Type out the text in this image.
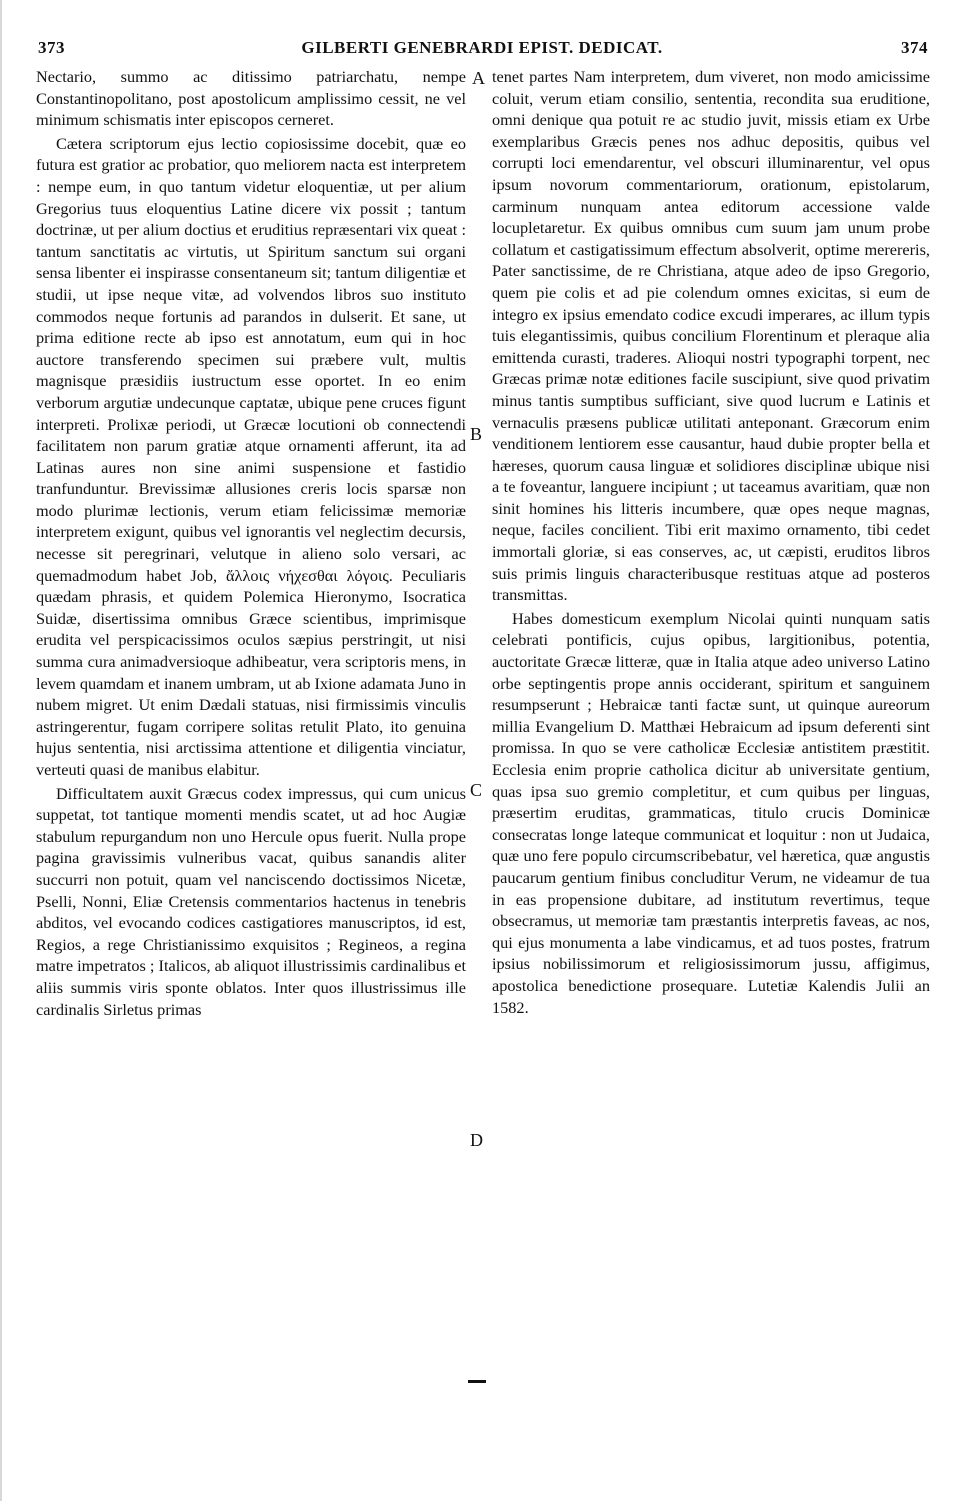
373	GILBERTI GENEBRARDI EPIST. DEDICAT.	374

Nectario, summo ac ditissimo patriarchatu, nempe Constantinopolitano, post apostolicum amplissimo cessit, ne vel minimum schismatis inter episcopos cerneret.

Cætera scriptorum ejus lectio copiosissime docebit, quæ eo futura est gratior ac probatior, quo meliorem nacta est interpretem : nempe eum, in quo tantum videtur eloquentiæ, ut per alium Gregorius tuus eloquentius Latine dicere vix possit ; tantum doctrinæ, ut per alium doctius et eruditius repræsentari vix queat : tantum sanctitatis ac virtutis, ut Spiritum sanctum sui organi sensa libenter ei inspirasse consentaneum sit; tantum diligentiæ et studii, ut ipse neque vitæ, ad volvendos libros suo instituto commodos neque fortunis ad parandos in dulserit. Et sane, ut prima editione recte ab ipso est annotatum, eum qui in hoc auctore transferendo specimen sui præbere vult, multis magnisque præsidiis iustructum esse oportet. In eo enim verborum argutiæ undecunque captatæ, ubique pene cruces figunt interpreti. Prolixæ periodi, ut Græcæ locutioni ob connectendi facilitatem non parum gratiæ atque ornamenti afferunt, ita ad Latinas aures non sine animi suspensione et fastidio tranfunduntur. Brevissimæ allusiones creris locis sparsæ non modo plurimæ lectionis, verum etiam felicissimæ memoriæ interpretem exigunt, quibus vel ignorantis vel neglectim decursis, necesse sit peregrinari, velutque in alieno solo versari, ac quemadmodum habet Job, ἄλλοις νήχεσθαι λόγοις. Peculiaris quædam phrasis, et quidem Polemica Hieronymo, Isocratica Suidæ, disertissima omnibus Græce scientibus, imprimisque erudita vel perspicacissimos oculos sæpius perstringit, ut nisi summa cura animadversioque adhibeatur, vera scriptoris mens, in levem quamdam et inanem umbram, ut ab Ixione adamata Juno in nubem migret. Ut enim Dædali statuas, nisi firmissimis vinculis astringerentur, fugam corripere solitas retulit Plato, ito genuina hujus sententia, nisi arctissima attentione et diligentia vinciatur, verteuti quasi de manibus elabitur.

Difficultatem auxit Græcus codex impressus, qui cum unicus suppetat, tot tantique momenti mendis scatet, ut ad hoc Augiæ stabulum repurgandum non uno Hercule opus fuerit. Nulla prope pagina gravissimis vulneribus vacat, quibus sanandis aliter succurri non potuit, quam vel nanciscendo doctissimos Nicetæ, Pselli, Nonni, Eliæ Cretensis commentarios hactenus in tenebris abditos, vel evocando codices castigatiores manuscriptos, id est, Regios, a rege Christianissimo exquisitos ; Regineos, a regina matre impetratos ; Italicos, ab aliquot illustrissimis cardinalibus et aliis summis viris sponte oblatos. Inter quos illustrissimus ille cardinalis Sirletus primas

A
B
C
D

tenet partes Nam interpretem, dum viveret, non modo amicissime coluit, verum etiam consilio, sententia, recondita sua eruditione, omni denique qua potuit re ac studio juvit, missis etiam ex Urbe exemplaribus Græcis penes nos adhuc depositis, quibus vel corrupti loci emendarentur, vel obscuri illuminarentur, vel opus ipsum novorum commentariorum, orationum, epistolarum, carminum nunquam antea editorum accessione valde locupletaretur. Ex quibus omnibus cum suum jam unum probe collatum et castigatissimum effectum absolverit, optime merereris, Pater sanctissime, de re Christiana, atque adeo de ipso Gregorio, quem pie colis et ad pie colendum omnes exicitas, si eum de integro ex ipsius emendato codice excudi imperares, ac illum typis tuis elegantissimis, quibus concilium Florentinum et pleraque alia emittenda curasti, traderes. Alioqui nostri typographi torpent, nec Græcas primæ notæ editiones facile suscipiunt, sive quod privatim minus tantis sumptibus sufficiant, sive quod lucrum e Latinis et vernaculis præsens publicæ utilitati anteponant. Græcorum enim venditionem lentiorem esse causantur, haud dubie propter bella et hæreses, quorum causa linguæ et solidiores disciplinæ ubique nisi a te foveantur, languere incipiunt ; ut taceamus avaritiam, quæ non sinit homines his litteris incumbere, quæ opes neque magnas, neque, faciles concilient. Tibi erit maximo ornamento, tibi cedet immortali gloriæ, si eas conserves, ac, ut cæpisti, eruditos libros suis primis linguis characteribusque restituas atque ad posteros transmittas.

Habes domesticum exemplum Nicolai quinti nunquam satis celebrati pontificis, cujus opibus, largitionibus, potentia, auctoritate Græcæ litteræ, quæ in Italia atque adeo universo Latino orbe septingentis prope annis occiderant, spiritum et sanguinem resumpserunt ; Hebraicæ tanti factæ sunt, ut quinque aureorum millia Evangelium D. Matthæi Hebraicum ad ipsum deferenti sint promissa. In quo se vere catholicæ Ecclesiæ antistitem præstitit. Ecclesia enim proprie catholica dicitur ab universitate gentium, quas ipsa suo gremio completitur, et cum quibus per linguas, præsertim eruditas, grammaticas, titulo crucis Dominicæ consecratas longe lateque communicat et loquitur : non ut Judaica, quæ uno fere populo circumscribebatur, vel hæretica, quæ angustis paucarum gentium finibus concluditur Verum, ne videamur de tua in eas propensione dubitare, ad institutum revertimus, teque obsecramus, ut memoriæ tam præstantis interpretis faveas, ac nos, qui ejus monumenta a labe vindicamus, et ad tuos postes, fratrum ipsius nobilissimorum et religiosissimorum jussu, affigimus, apostolica benedictione prosequare. Lutetiæ Kalendis Julii an 1582.
